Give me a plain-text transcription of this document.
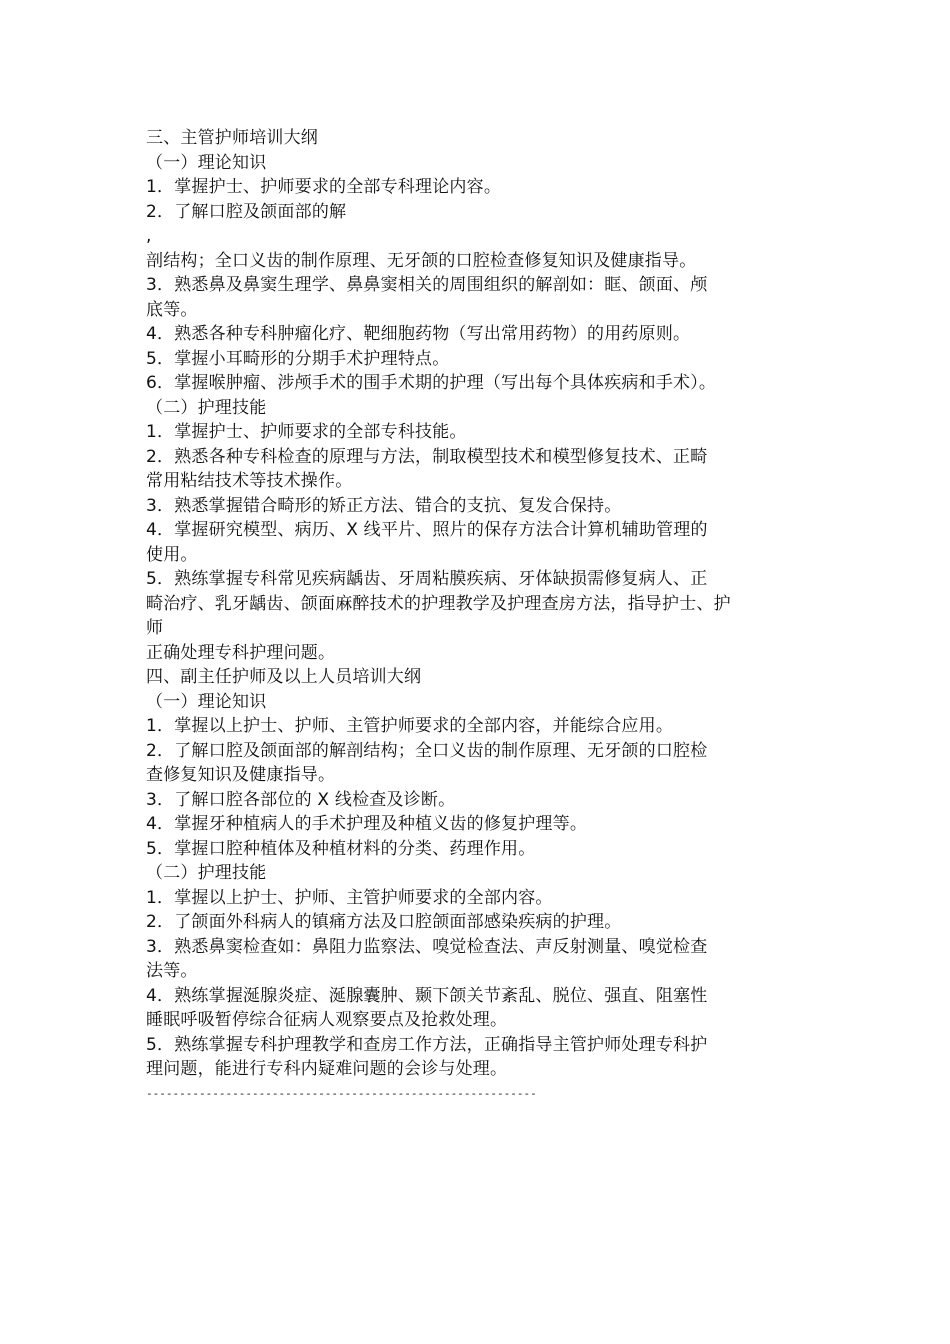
三、主管护师培训大纲
（一）理论知识
1．掌握护士、护师要求的全部专科理论内容。
2．了解口腔及颌面部的解
,
剖结构；全口义齿的制作原理、无牙颌的口腔检查修复知识及健康指导。
3．熟悉鼻及鼻窦生理学、鼻鼻窦相关的周围组织的解剖如：眶、颌面、颅
底等。
4．熟悉各种专科肿瘤化疗、靶细胞药物（写出常用药物）的用药原则。
5．掌握小耳畸形的分期手术护理特点。
6．掌握喉肿瘤、涉颅手术的围手术期的护理（写出每个具体疾病和手术）。
（二）护理技能
1．掌握护士、护师要求的全部专科技能。
2．熟悉各种专科检查的原理与方法，制取模型技术和模型修复技术、正畸
常用粘结技术等技术操作。
3．熟悉掌握错合畸形的矫正方法、错合的支抗、复发合保持。
4．掌握研究模型、病历、X 线平片、照片的保存方法合计算机辅助管理的
使用。
5．熟练掌握专科常见疾病龋齿、牙周粘膜疾病、牙体缺损需修复病人、正
畸治疗、乳牙龋齿、颌面麻醉技术的护理教学及护理查房方法，指导护士、护
师
正确处理专科护理问题。
四、副主任护师及以上人员培训大纲
（一）理论知识
1．掌握以上护士、护师、主管护师要求的全部内容，并能综合应用。
2．了解口腔及颌面部的解剖结构；全口义齿的制作原理、无牙颌的口腔检
查修复知识及健康指导。
3．了解口腔各部位的 X 线检查及诊断。
4．掌握牙种植病人的手术护理及种植义齿的修复护理等。
5．掌握口腔种植体及种植材料的分类、药理作用。
（二）护理技能
1．掌握以上护士、护师、主管护师要求的全部内容。
2．了颌面外科病人的镇痛方法及口腔颌面部感染疾病的护理。
3．熟悉鼻窦检查如：鼻阻力监察法、嗅觉检查法、声反射测量、嗅觉检查
法等。
4．熟练掌握涎腺炎症、涎腺囊肿、颞下颌关节紊乱、脱位、强直、阻塞性
睡眠呼吸暂停综合征病人观察要点及抢救处理。
5．熟练掌握专科护理教学和查房工作方法，正确指导主管护师处理专科护
理问题，能进行专科内疑难问题的会诊与处理。
-----------------------------------------------------------
